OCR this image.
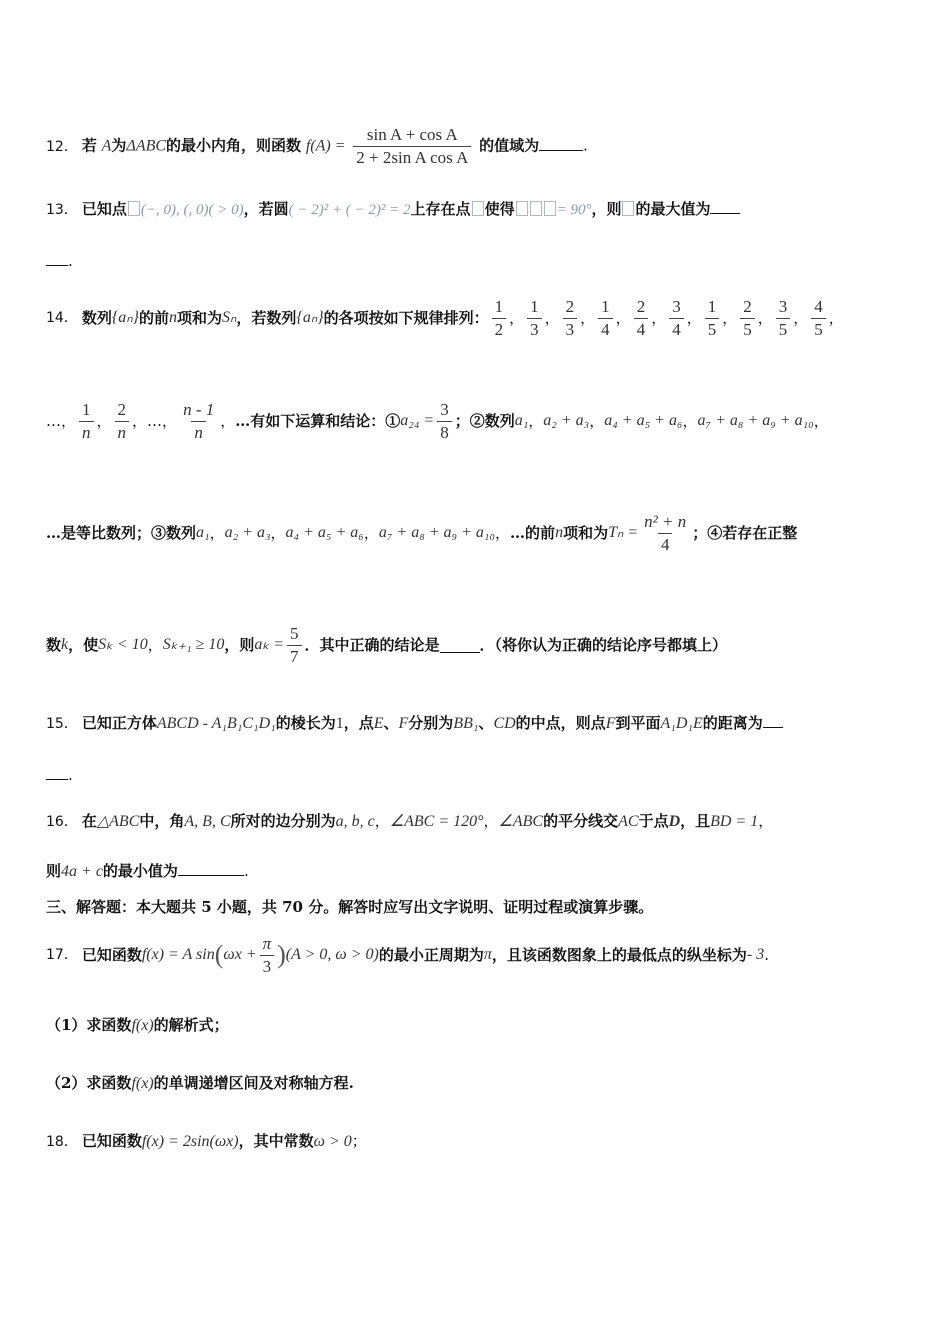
12． 若 A为ΔABC的最小内角，则函数 $f(A) = \frac{\text{sin A + cos A}}{\text{2 + 2sin A cos A}}$ 的值域为	.
13． 已知点 (−, 0), (, 0)( > 0)，若圆( − 2)² + ( − 2)² = 2上存在点 使得	= 90°，则 的最大值为
.
14． 数列 {aₙ} 的前 n 项和为 Sₙ ，若数列 {aₙ} 的各项按如下规律排列： $\frac{1}{2}$ ， $\frac{1}{3}$ ， $\frac{2}{3}$ ， $\frac{1}{4}$ ， $\frac{2}{4}$ ， $\frac{3}{4}$ ， $\frac{1}{5}$ ， $\frac{2}{5}$ ， $\frac{3}{5}$ ， $\frac{4}{5}$ ，
… ， $\frac{1}{n}$ ， $\frac{2}{n}$ ， … ， $\frac{n - 1}{n}$ ， …有如下运算和结论：① $a_{24} = \frac{3}{8}$ ；②数列 a₁ ， a₂ + a₃ ， a₄ + a₅ + a₆ ， a₇ + a₈ + a₉ + a₁₀ ，
…是等比数列；③数列 a₁ ， a₂ + a₃ ， a₄ + a₅ + a₆ ， a₇ + a₈ + a₉ + a₁₀ ， …的前 n 项和为 $T_n = \frac{\text{n² + n}}{4}$ ；④若存在正整
数 k ，使 Sₖ < 10 ， Sₖ₊₁ ≥ 10 ，则 $a_k = \frac{5}{7}$ ．其中正确的结论是	．（将你认为正确的结论序号都填上）
15． 已知正方体ABCD - A₁B₁C₁D₁的棱长为1，点E、F分别为BB₁、CD的中点，则点F到平面A₁D₁E的距离为
.
16． 在△ABC中，角A, B, C所对的边分别为a, b, c，∠ABC = 120°，∠ABC的平分线交AC于点D，且BD = 1，
则4a + c的最小值为	.
三、解答题：本大题共 5 小题，共 70 分。解答时应写出文字说明、证明过程或演算步骤。
17． 已知函数 f(x) = A sin ( $\omega x + \frac{\pi}{3}$ ) (A > 0, ω > 0) 的最小正周期为 π ，且该函数图象上的最低点的纵坐标为 - 3 .
（1）求函数f(x)的解析式；
（2）求函数f(x)的单调递增区间及对称轴方程.
18． 已知函数f(x) = 2sin(ωx)，其中常数ω > 0；
